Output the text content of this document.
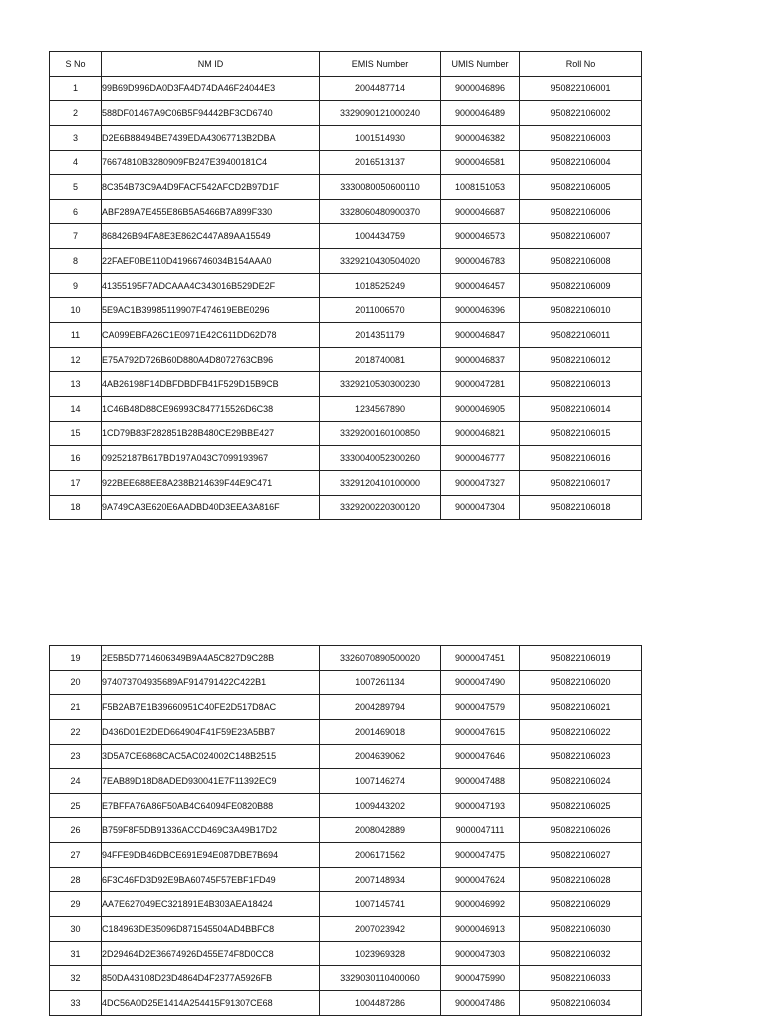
S No	NM ID	EMIS Number	UMIS Number	Roll No
1	99B69D996DA0D3FA4D74DA46F24044E3	2004487714	9000046896	950822106001
2	588DF01467A9C06B5F94442BF3CD6740	3329090121000240	9000046489	950822106002
3	D2E6B88494BE7439EDA43067713B2DBA	1001514930	9000046382	950822106003
4	76674810B3280909FB247E39400181C4	2016513137	9000046581	950822106004
5	8C354B73C9A4D9FACF542AFCD2B97D1F	3330080050600110	1008151053	950822106005
6	ABF289A7E455E86B5A5466B7A899F330	3328060480900370	9000046687	950822106006
7	868426B94FA8E3E862C447A89AA15549	1004434759	9000046573	950822106007
8	22FAEF0BE110D41966746034B154AAA0	3329210430504020	9000046783	950822106008
9	41355195F7ADCAAA4C343016B529DE2F	1018525249	9000046457	950822106009
10	5E9AC1B39985119907F474619EBE0296	2011006570	9000046396	950822106010
11	CA099EBFA26C1E0971E42C611DD62D78	2014351179	9000046847	950822106011
12	E75A792D726B60D880A4D8072763CB96	2018740081	9000046837	950822106012
13	4AB26198F14DBFDBDFB41F529D15B9CB	3329210530300230	9000047281	950822106013
14	1C46B48D88CE96993C847715526D6C38	1234567890	9000046905	950822106014
15	1CD79B83F282851B28B480CE29BBE427	3329200160100850	9000046821	950822106015
16	09252187B617BD197A043C7099193967	3330040052300260	9000046777	950822106016
17	922BEE688EE8A238B214639F44E9C471	3329120410100000	9000047327	950822106017
18	9A749CA3E620E6AADBD40D3EEA3A816F	3329200220300120	9000047304	950822106018
19	2E5B5D7714606349B9A4A5C827D9C28B	3326070890500020	9000047451	950822106019
20	974073704935689AF914791422C422B1	1007261134	9000047490	950822106020
21	F5B2AB7E1B39660951C40FE2D517D8AC	2004289794	9000047579	950822106021
22	D436D01E2DED664904F41F59E23A5BB7	2001469018	9000047615	950822106022
23	3D5A7CE6868CAC5AC024002C148B2515	2004639062	9000047646	950822106023
24	7EAB89D18D8ADED930041E7F11392EC9	1007146274	9000047488	950822106024
25	E7BFFA76A86F50AB4C64094FE0820B88	1009443202	9000047193	950822106025
26	B759F8F5DB91336ACCD469C3A49B17D2	2008042889	9000047111	950822106026
27	94FFE9DB46DBCE691E94E087DBE7B694	2006171562	9000047475	950822106027
28	6F3C46FD3D92E9BA60745F57EBF1FD49	2007148934	9000047624	950822106028
29	AA7E627049EC321891E4B303AEA18424	1007145741	9000046992	950822106029
30	C184963DE35096D871545504AD4BBFC8	2007023942	9000046913	950822106030
31	2D29464D2E36674926D455E74F8D0CC8	1023969328	9000047303	950822106032
32	850DA43108D23D4864D4F2377A5926FB	3329030110400060	9000475990	950822106033
33	4DC56A0D25E1414A254415F91307CE68	1004487286	9000047486	950822106034
